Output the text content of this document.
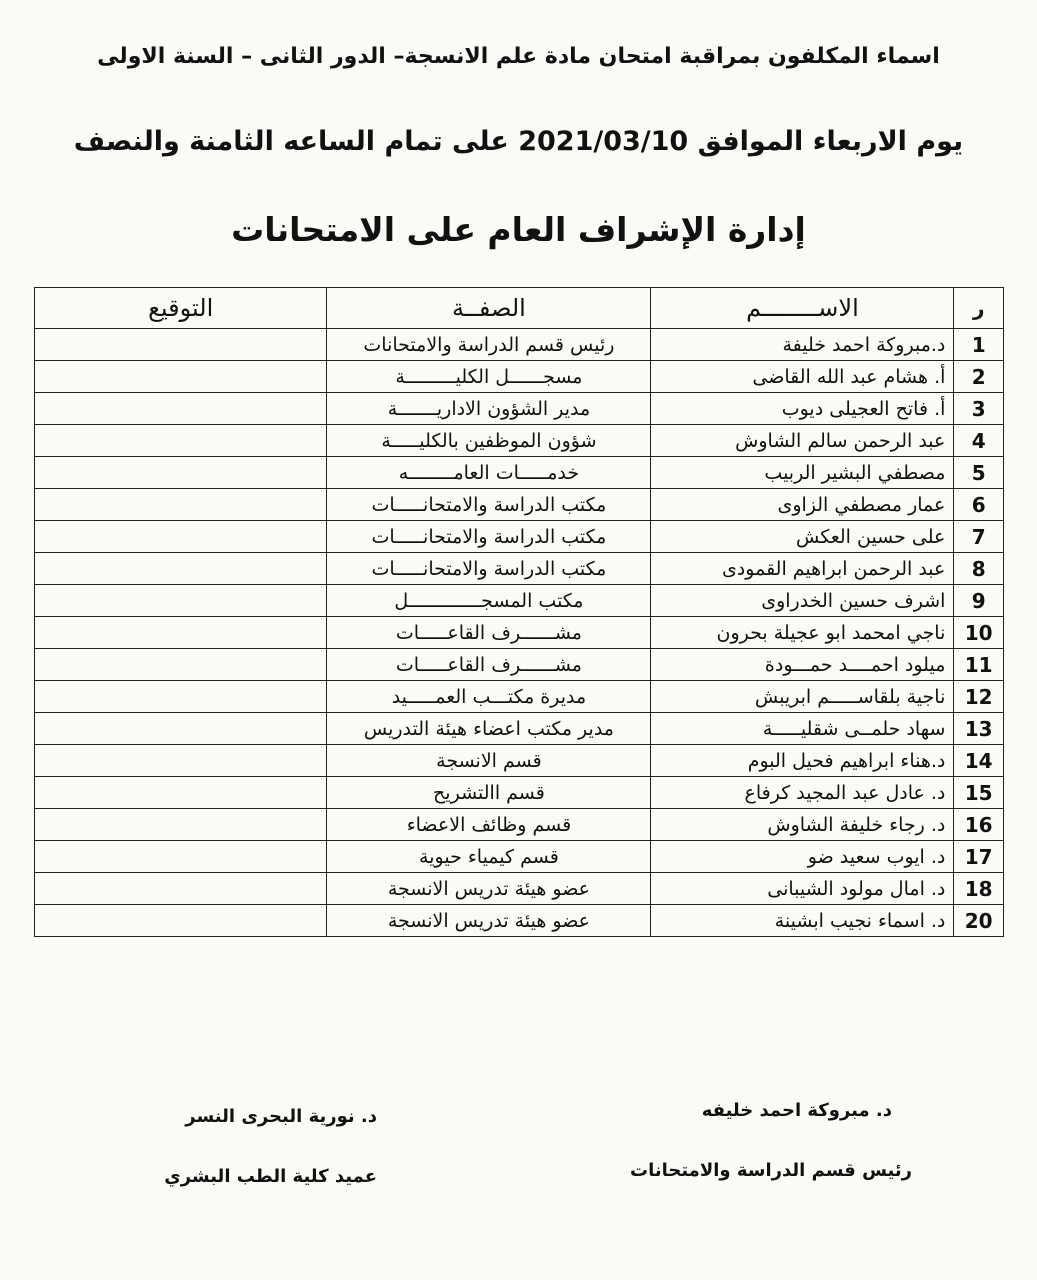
اسماء المكلفون بمراقبة امتحان مادة علم الانسجة– الدور الثانى – السنة الاولى
يوم الاربعاء الموافق 2021/03/10 على تمام الساعه الثامنة والنصف
إدارة الإشراف العام على الامتحانات
ر	الاســــــــم	الصفــة	التوقيع
1	د.مبروكة احمد خليفة	رئيس قسم الدراسة والامتحانات	
2	أ. هشام عبد الله القاضى	مسجــــــل الكليـــــــــة	
3	أ. فاتح العجيلى ديوب	مدير الشؤون الاداريـــــــة	
4	عبد الرحمن سالم الشاوش	شؤون الموظفين بالكليـــــة	
5	مصطفي البشير الربيب	خدمـــــات العامــــــــه	
6	عمار مصطفي الزاوى	مكتب الدراسة والامتحانـــــات	
7	على حسين العكش	مكتب الدراسة والامتحانـــــات	
8	عبد الرحمن ابراهيم القمودى	مكتب الدراسة والامتحانـــــات	
9	اشرف حسين الخدراوى	مكتب المسجـــــــــــــل	
10	ناجي امحمد ابو عجيلة بحرون	مشــــــرف القاعـــــات	
11	ميلود احمــــد حمـــودة	مشــــــرف القاعـــــات	
12	ناجية بلقاســـــم ابريبش	مديرة مكتـــب العمـــــيد	
13	سهاد حلمــى شقليـــــة	مدير مكتب اعضاء هيئة التدريس	
14	د.هناء ابراهيم فحيل البوم	قسم الانسجة	
15	د. عادل عبد المجيد كرفاع	قسم االتشريح	
16	د. رجاء خليفة الشاوش	قسم وظائف الاعضاء	
17	د. ايوب سعيد ضو	قسم كيمياء حيوية	
18	د. امال مولود الشيبانى	عضو هيئة تدريس الانسجة	
20	د. اسماء نجيب ابشينة	عضو هيئة تدريس الانسجة	
د. مبروكة احمد خليفه
رئيس قسم الدراسة والامتحانات
د. نورية البحرى النسر
عميد كلية الطب البشري
